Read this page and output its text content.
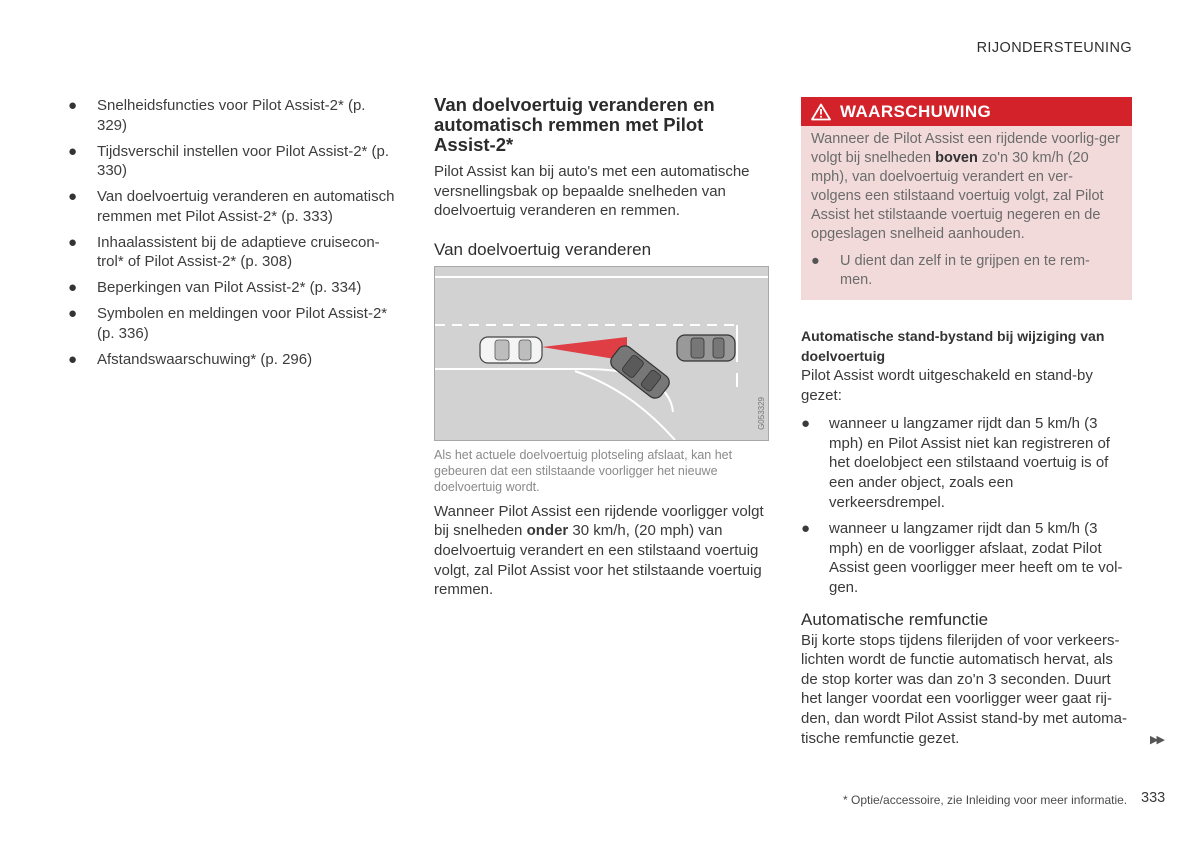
RIJONDERSTEUNING
● Snelheidsfuncties voor Pilot Assist-2* (p. 329)
● Tijdsverschil instellen voor Pilot Assist-2* (p. 330)
● Van doelvoertuig veranderen en automatisch remmen met Pilot Assist-2* (p. 333)
● Inhaalassistent bij de adaptieve cruisecon-trol* of Pilot Assist-2* (p. 308)
● Beperkingen van Pilot Assist-2* (p. 334)
● Symbolen en meldingen voor Pilot Assist-2* (p. 336)
● Afstandswaarschuwing* (p. 296)
Van doelvoertuig veranderen en automatisch remmen met Pilot Assist-2*

Pilot Assist kan bij auto's met een automatische versnellingsbak op bepaalde snelheden van doelvoertuig veranderen en remmen.

Van doelvoertuig veranderen
G053329

Als het actuele doelvoertuig plotseling afslaat, kan het gebeuren dat een stilstaande voorligger het nieuwe doelvoertuig wordt.

Wanneer Pilot Assist een rijdende voorligger volgt bij snelheden onder 30 km/h, (20 mph) van doelvoertuig verandert en een stilstaand voertuig volgt, zal Pilot Assist voor het stilstaande voertuig remmen.

WAARSCHUWING

Wanneer de Pilot Assist een rijdende voorlig-ger volgt bij snelheden boven zo'n 30 km/h (20 mph), van doelvoertuig verandert en ver-volgens een stilstaand voertuig volgt, zal Pilot Assist het stilstaande voertuig negeren en de opgeslagen snelheid aanhouden.

● U dient dan zelf in te grijpen en te rem-men.
Automatische stand-bystand bij wijziging van doelvoertuig

Pilot Assist wordt uitgeschakeld en stand-by gezet:

● wanneer u langzamer rijdt dan 5 km/h (3 mph) en Pilot Assist niet kan registreren of het doelobject een stilstaand voertuig is of een ander object, zoals een verkeersdrempel.
● wanneer u langzamer rijdt dan 5 km/h (3 mph) en de voorligger afslaat, zodat Pilot Assist geen voorligger meer heeft om te vol-gen.
Automatische remfunctie

Bij korte stops tijdens filerijden of voor verkeers-lichten wordt de functie automatisch hervat, als de stop korter was dan zo'n 3 seconden. Duurt het langer voordat een voorligger weer gaat rij-den, dan wordt Pilot Assist stand-by met automa-tische remfunctie gezet.	▶▶
* Optie/accessoire, zie Inleiding voor meer informatie. 333
